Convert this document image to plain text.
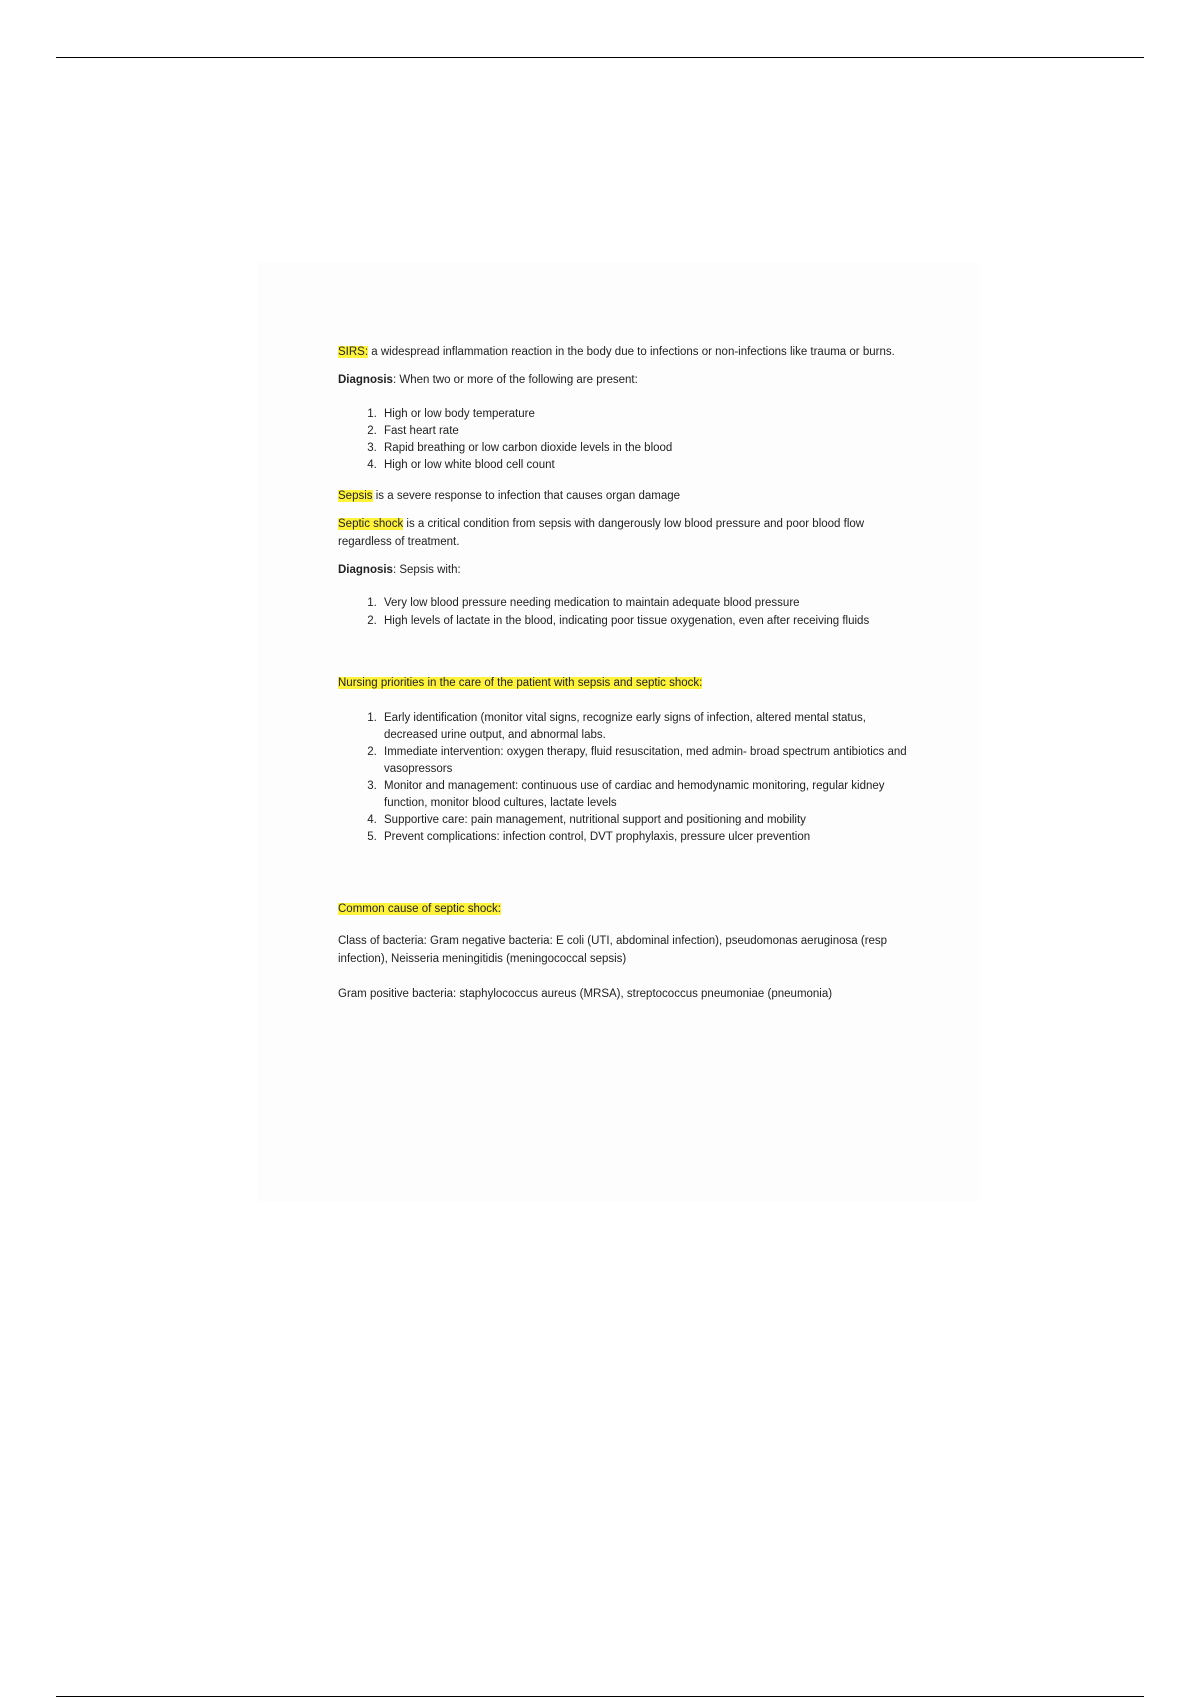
SIRS: a widespread inflammation reaction in the body due to infections or non-infections like trauma or burns.

Diagnosis: When two or more of the following are present:

1. High or low body temperature
2. Fast heart rate
3. Rapid breathing or low carbon dioxide levels in the blood
4. High or low white blood cell count

Sepsis is a severe response to infection that causes organ damage

Septic shock is a critical condition from sepsis with dangerously low blood pressure and poor blood flow regardless of treatment.

Diagnosis: Sepsis with:

1. Very low blood pressure needing medication to maintain adequate blood pressure
2. High levels of lactate in the blood, indicating poor tissue oxygenation, even after receiving fluids

Nursing priorities in the care of the patient with sepsis and septic shock:

1. Early identification (monitor vital signs, recognize early signs of infection, altered mental status, decreased urine output, and abnormal labs.
2. Immediate intervention: oxygen therapy, fluid resuscitation, med admin- broad spectrum antibiotics and vasopressors
3. Monitor and management: continuous use of cardiac and hemodynamic monitoring, regular kidney function, monitor blood cultures, lactate levels
4. Supportive care: pain management, nutritional support and positioning and mobility
5. Prevent complications: infection control, DVT prophylaxis, pressure ulcer prevention

Common cause of septic shock:

Class of bacteria: Gram negative bacteria: E coli (UTI, abdominal infection), pseudomonas aeruginosa (resp infection), Neisseria meningitidis (meningococcal sepsis)

Gram positive bacteria: staphylococcus aureus (MRSA), streptococcus pneumoniae (pneumonia)
